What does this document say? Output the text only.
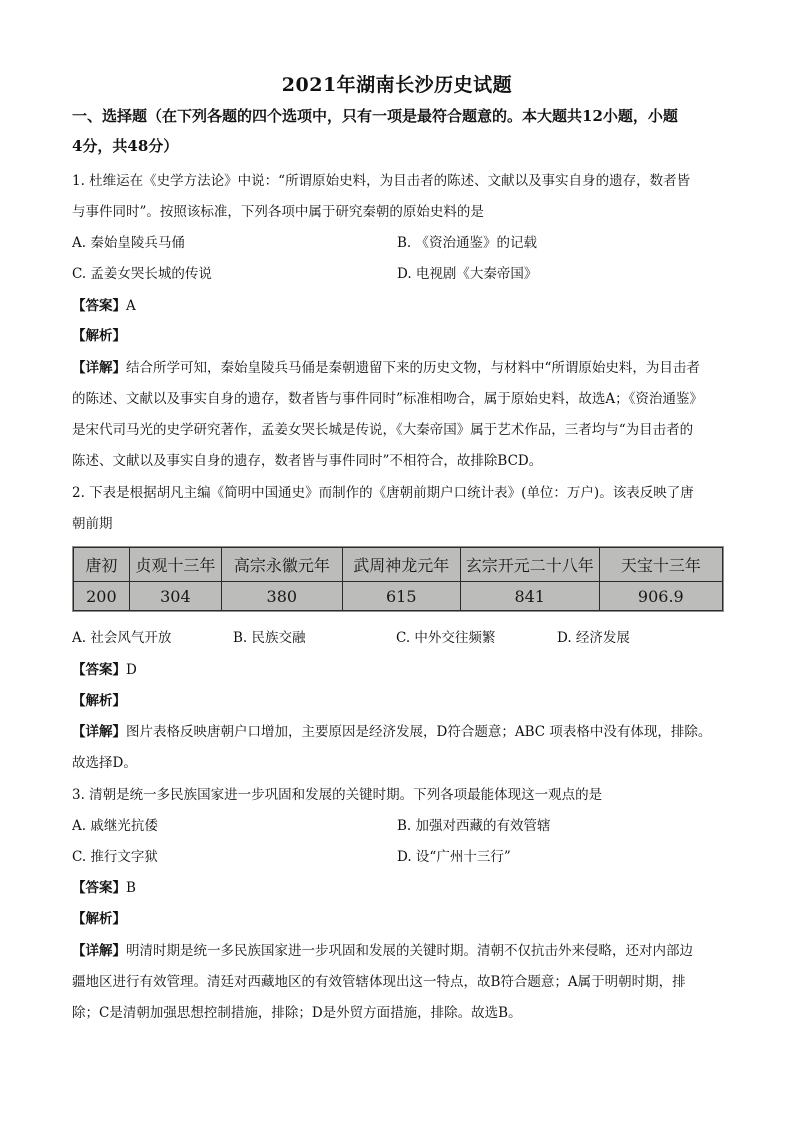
2021年湖南长沙历史试题
一、选择题（在下列各题的四个选项中，只有一项是最符合题意的。本大题共12小题，小题
4分，共48分）
1. 杜维运在《史学方法论》中说：“所谓原始史料，为目击者的陈述、文献以及事实自身的遗存，数者皆
与事件同时”。按照该标准，下列各项中属于研究秦朝的原始史料的是
A. 秦始皇陵兵马俑	B. 《资治通鉴》的记载
C. 孟姜女哭长城的传说	D. 电视剧《大秦帝国》
【答案】A
【解析】
【详解】结合所学可知，秦始皇陵兵马俑是秦朝遗留下来的历史文物，与材料中“所谓原始史料，为目击者
的陈述、文献以及事实自身的遗存，数者皆与事件同时”标准相吻合，属于原始史料，故选A；《资治通鉴》
是宋代司马光的史学研究著作，孟姜女哭长城是传说，《大秦帝国》属于艺术作品，三者均与“为目击者的
陈述、文献以及事实自身的遗存，数者皆与事件同时”不相符合，故排除BCD。
2. 下表是根据胡凡主编《简明中国通史》而制作的《唐朝前期户口统计表》(单位：万户)。该表反映了唐
朝前期
唐初	贞观十三年	高宗永徽元年	武周神龙元年	玄宗开元二十八年	天宝十三年
200	304	380	615	841	906.9
A. 社会风气开放	B. 民族交融	C. 中外交往频繁	D. 经济发展
【答案】D
【解析】
【详解】图片表格反映唐朝户口增加，主要原因是经济发展，D符合题意；ABC 项表格中没有体现，排除。
故选择D。
3. 清朝是统一多民族国家进一步巩固和发展的关键时期。下列各项最能体现这一观点的是
A. 戚继光抗倭	B. 加强对西藏的有效管辖
C. 推行文字狱	D. 设“广州十三行”
【答案】B
【解析】
【详解】明清时期是统一多民族国家进一步巩固和发展的关键时期。清朝不仅抗击外来侵略，还对内部边
疆地区进行有效管理。清廷对西藏地区的有效管辖体现出这一特点，故B符合题意；A属于明朝时期，排
除；C是清朝加强思想控制措施，排除；D是外贸方面措施，排除。故选B。
